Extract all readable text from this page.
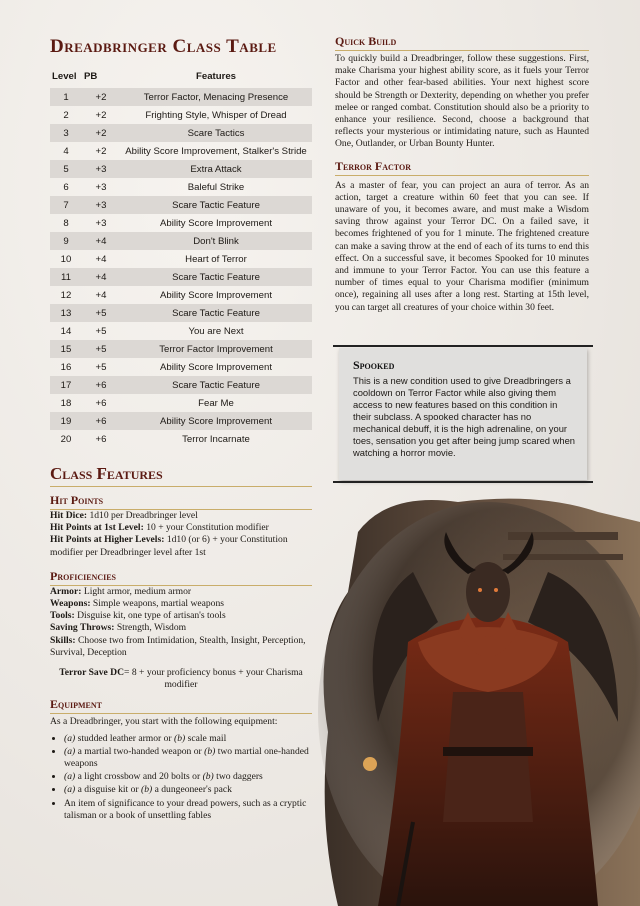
Dreadbringer Class Table
Level	PB	Features
1	+2	Terror Factor, Menacing Presence
2	+2	Frighting Style, Whisper of Dread
3	+2	Scare Tactics
4	+2	Ability Score Improvement, Stalker's Stride
5	+3	Extra Attack
6	+3	Baleful Strike
7	+3	Scare Tactic Feature
8	+3	Ability Score Improvement
9	+4	Don't Blink
10	+4	Heart of Terror
11	+4	Scare Tactic Feature
12	+4	Ability Score Improvement
13	+5	Scare Tactic Feature
14	+5	You are Next
15	+5	Terror Factor Improvement
16	+5	Ability Score Improvement
17	+6	Scare Tactic Feature
18	+6	Fear Me
19	+6	Ability Score Improvement
20	+6	Terror Incarnate
Class Features
Hit Points

Hit Dice: 1d10 per Dreadbringer level

Hit Points at 1st Level: 10 + your Constitution modifier

Hit Points at Higher Levels: 1d10 (or 6) + your Constitution modifier per Dreadbringer level after 1st

Proficiencies

Armor: Light armor, medium armor

Weapons: Simple weapons, martial weapons

Tools: Disguise kit, one type of artisan's tools

Saving Throws: Strength, Wisdom

Skills: Choose two from Intimidation, Stealth, Insight, Perception, Survival, Deception

Terror Save DC= 8 + your proficiency bonus + your Charisma modifier

Equipment

As a Dreadbringer, you start with the following equipment:

• (a) studded leather armor or (b) scale mail
• (a) a martial two-handed weapon or (b) two martial one-handed weapons
• (a) a light crossbow and 20 bolts or (b) two daggers
• (a) a disguise kit or (b) a dungeoneer's pack
• An item of significance to your dread powers, such as a cryptic talisman or a book of unsettling fables
Quick Build

To quickly build a Dreadbringer, follow these suggestions. First, make Charisma your highest ability score, as it fuels your Terror Factor and other fear-based abilities. Your next highest score should be Strength or Dexterity, depending on whether you prefer melee or ranged combat. Constitution should also be a priority to enhance your resilience. Second, choose a background that reflects your mysterious or intimidating nature, such as Haunted One, Outlander, or Urban Bounty Hunter.

Terror Factor

As a master of fear, you can project an aura of terror. As an action, target a creature within 60 feet that you can see. If unaware of you, it becomes aware, and must make a Wisdom saving throw against your Terror DC. On a failed save, it becomes frightened of you for 1 minute. The frightened creature can make a saving throw at the end of each of its turns to end this effect. On a successful save, it becomes Spooked for 10 minutes and immune to your Terror Factor. You can use this feature a number of times equal to your Charisma modifier (minimum once), regaining all uses after a long rest. Starting at 15th level, you can target all creatures of your choice within 30 feet.

Spooked

This is a new condition used to give Dreadbringers a cooldown on Terror Factor while also giving them access to new features based on this condition in their subclass. A spooked character has no mechanical debuff, it is the high adrenaline, on your toes, sensation you get after being jump scared when watching a horror movie.
